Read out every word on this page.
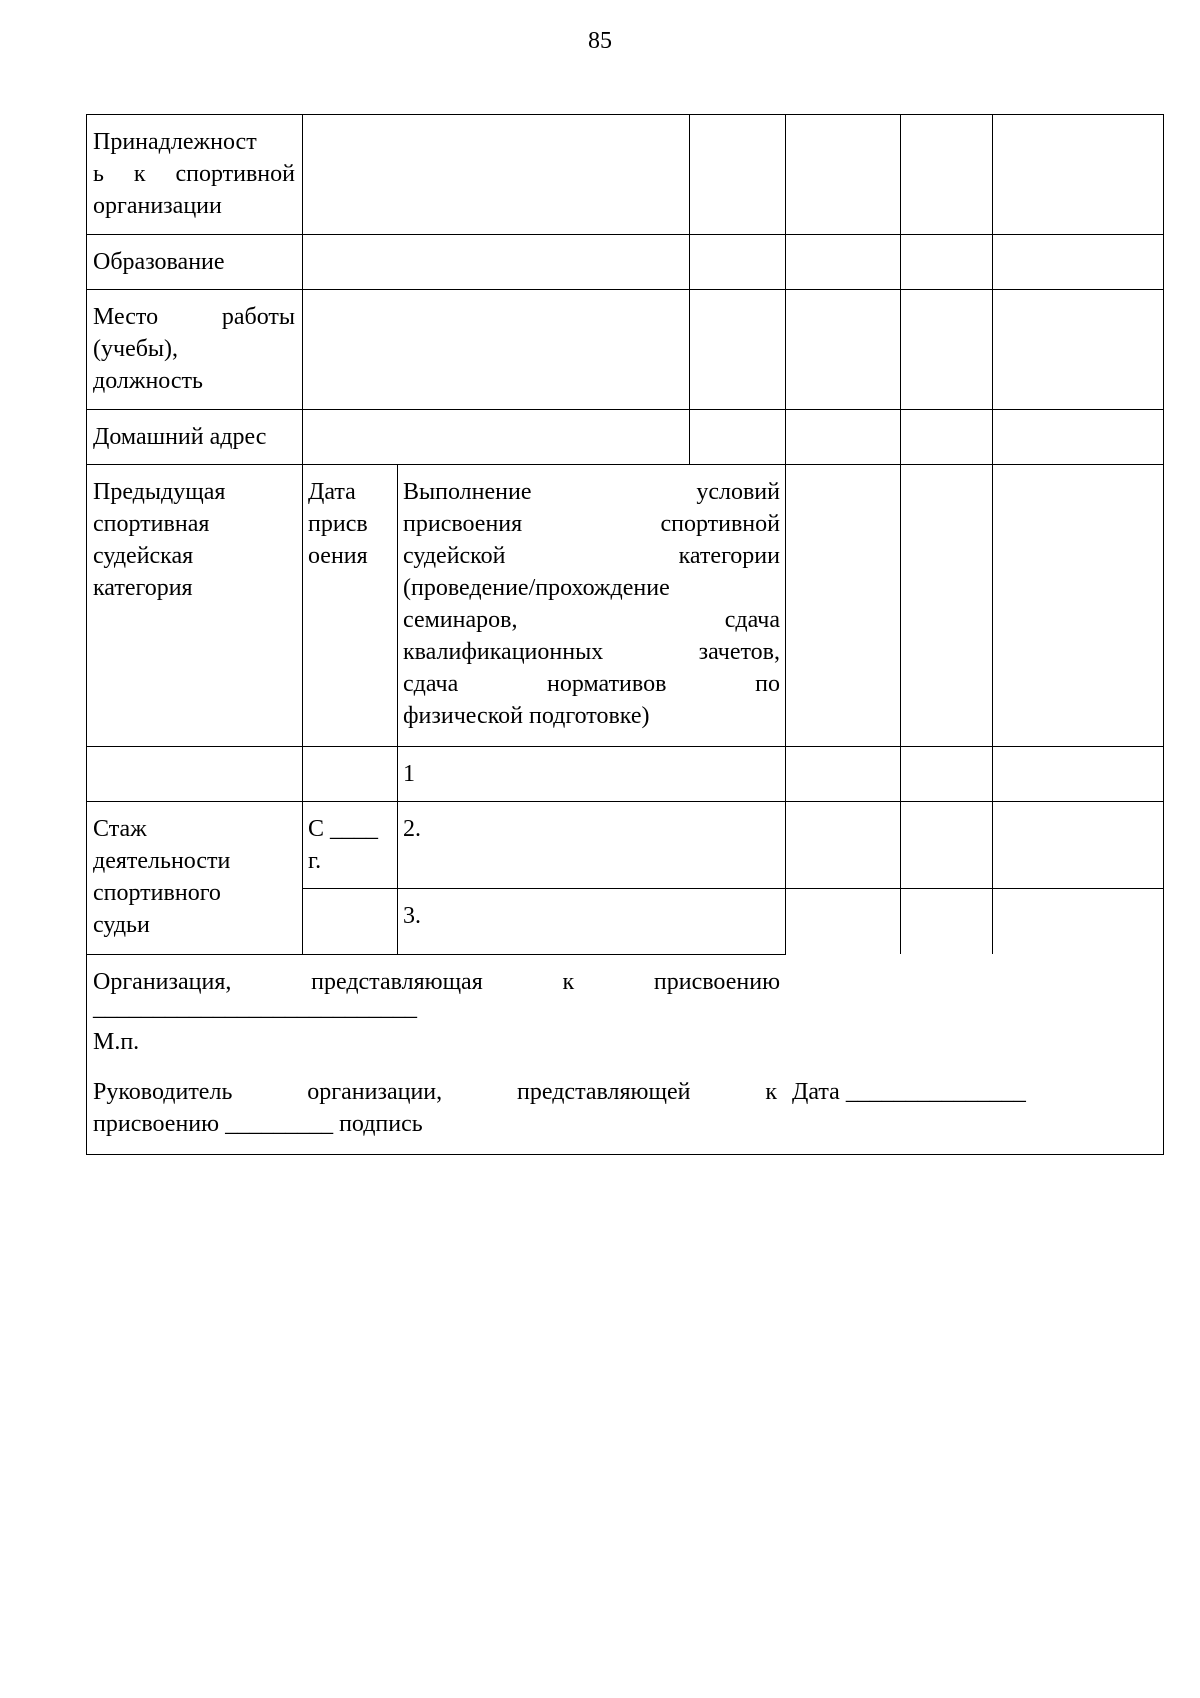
85
Принадлежност
ь к спортивной
организации
Образование
Место работы
(учебы),
должность
Домашний адрес
Предыдущая
спортивная
судейская
категория
Дата
присв
оения
Выполнение условий
присвоения спортивной
судейской категории
(проведение/прохождение
семинаров, сдача
квалификационных зачетов,
сдача нормативов по
физической подготовке)
1
2.
3.
Стаж
деятельности
спортивного
судьи
С ____
г.
Организация, представляющая к присвоению
___________________________
М.п.
Руководитель организации, представляющей к Дата _______________
присвоению _________ подпись
